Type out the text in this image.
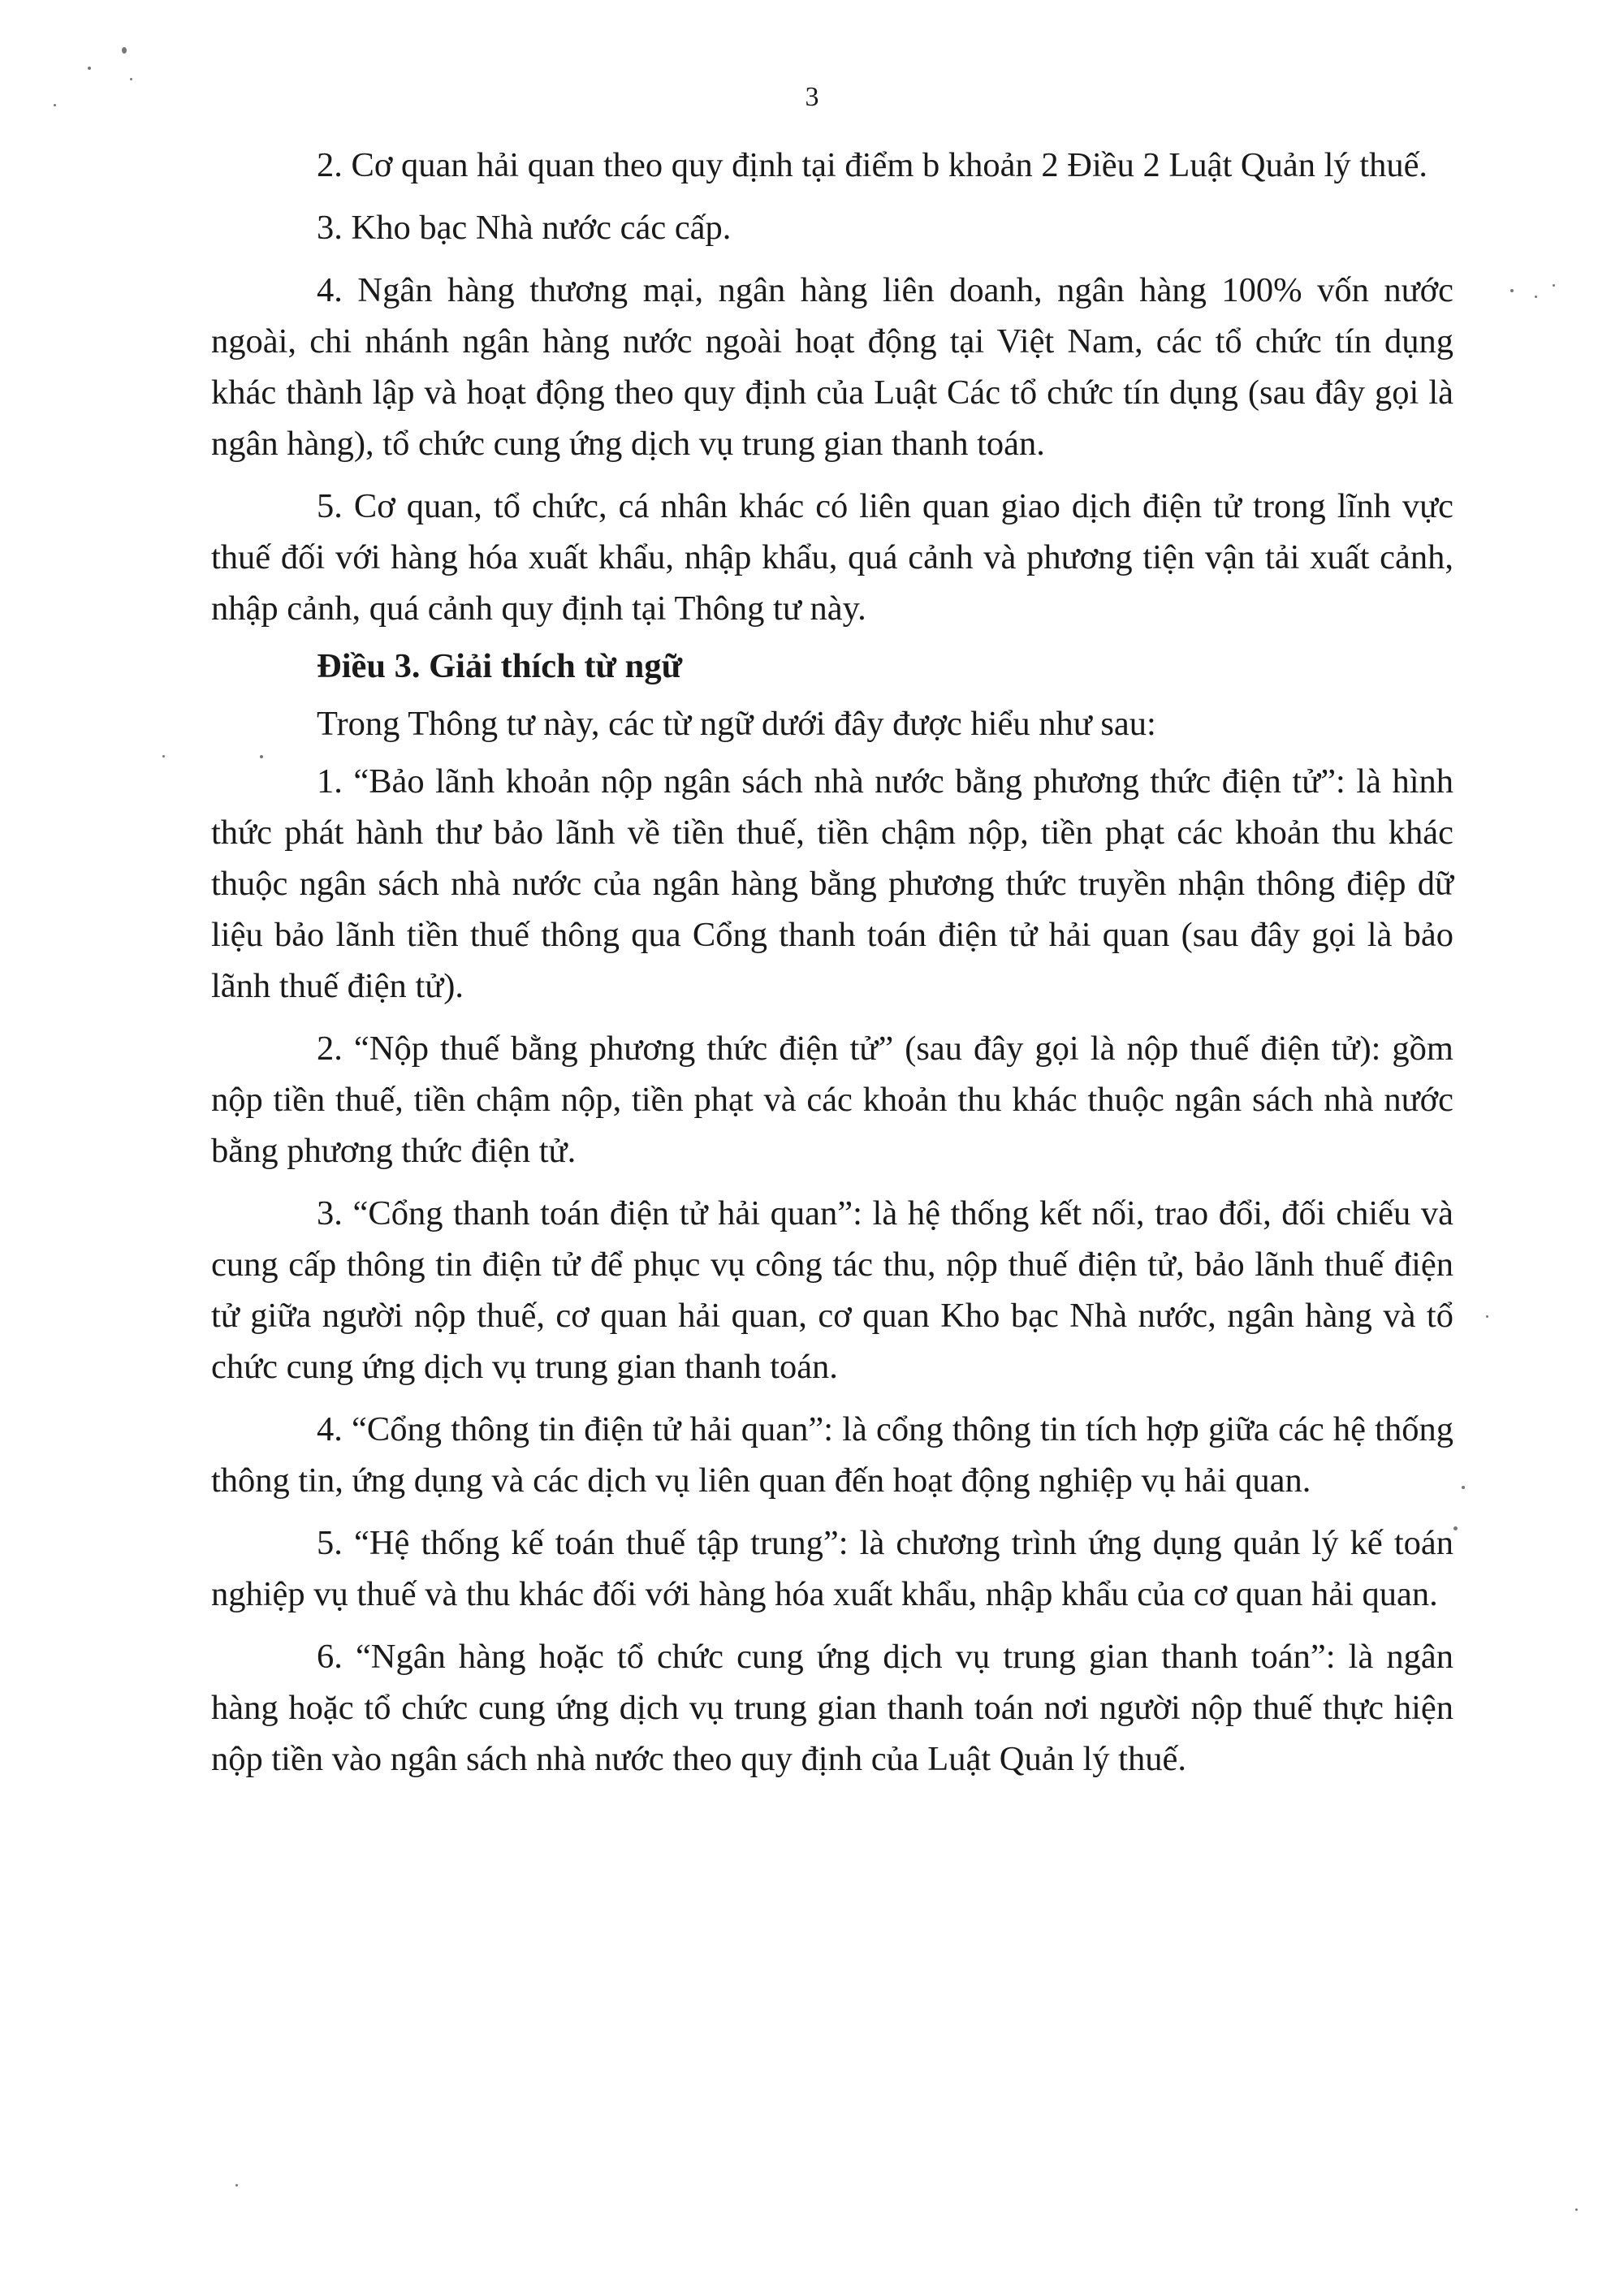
3

2. Cơ quan hải quan theo quy định tại điểm b khoản 2 Điều 2 Luật Quản lý thuế.

3. Kho bạc Nhà nước các cấp.

4. Ngân hàng thương mại, ngân hàng liên doanh, ngân hàng 100% vốn nước ngoài, chi nhánh ngân hàng nước ngoài hoạt động tại Việt Nam, các tổ chức tín dụng khác thành lập và hoạt động theo quy định của Luật Các tổ chức tín dụng (sau đây gọi là ngân hàng), tổ chức cung ứng dịch vụ trung gian thanh toán.

5. Cơ quan, tổ chức, cá nhân khác có liên quan giao dịch điện tử trong lĩnh vực thuế đối với hàng hóa xuất khẩu, nhập khẩu, quá cảnh và phương tiện vận tải xuất cảnh, nhập cảnh, quá cảnh quy định tại Thông tư này.

Điều 3. Giải thích từ ngữ

Trong Thông tư này, các từ ngữ dưới đây được hiểu như sau:

1. “Bảo lãnh khoản nộp ngân sách nhà nước bằng phương thức điện tử”: là hình thức phát hành thư bảo lãnh về tiền thuế, tiền chậm nộp, tiền phạt các khoản thu khác thuộc ngân sách nhà nước của ngân hàng bằng phương thức truyền nhận thông điệp dữ liệu bảo lãnh tiền thuế thông qua Cổng thanh toán điện tử hải quan (sau đây gọi là bảo lãnh thuế điện tử).

2. “Nộp thuế bằng phương thức điện tử” (sau đây gọi là nộp thuế điện tử): gồm nộp tiền thuế, tiền chậm nộp, tiền phạt và các khoản thu khác thuộc ngân sách nhà nước bằng phương thức điện tử.

3. “Cổng thanh toán điện tử hải quan”: là hệ thống kết nối, trao đổi, đối chiếu và cung cấp thông tin điện tử để phục vụ công tác thu, nộp thuế điện tử, bảo lãnh thuế điện tử giữa người nộp thuế, cơ quan hải quan, cơ quan Kho bạc Nhà nước, ngân hàng và tổ chức cung ứng dịch vụ trung gian thanh toán.

4. “Cổng thông tin điện tử hải quan”: là cổng thông tin tích hợp giữa các hệ thống thông tin, ứng dụng và các dịch vụ liên quan đến hoạt động nghiệp vụ hải quan.

5. “Hệ thống kế toán thuế tập trung”: là chương trình ứng dụng quản lý kế toán nghiệp vụ thuế và thu khác đối với hàng hóa xuất khẩu, nhập khẩu của cơ quan hải quan.

6. “Ngân hàng hoặc tổ chức cung ứng dịch vụ trung gian thanh toán”: là ngân hàng hoặc tổ chức cung ứng dịch vụ trung gian thanh toán nơi người nộp thuế thực hiện nộp tiền vào ngân sách nhà nước theo quy định của Luật Quản lý thuế.
